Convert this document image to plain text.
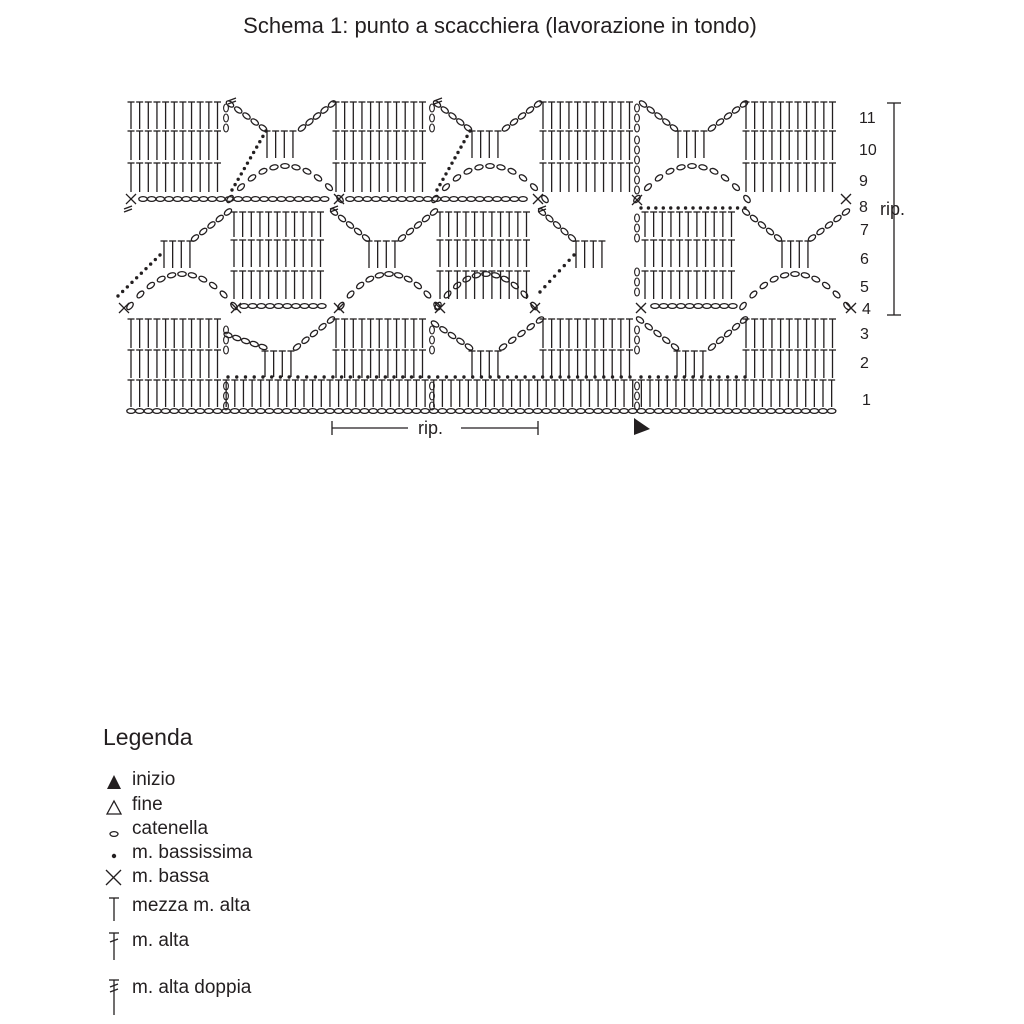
Schema 1: punto a scacchiera (lavorazione in tondo)
1
2
3
4
5
6
7
8
9
10
11
rip.
rip.
Legenda
inizio
fine
catenella
m. bassissima
m. bassa
mezza m. alta
m. alta
m. alta doppia
